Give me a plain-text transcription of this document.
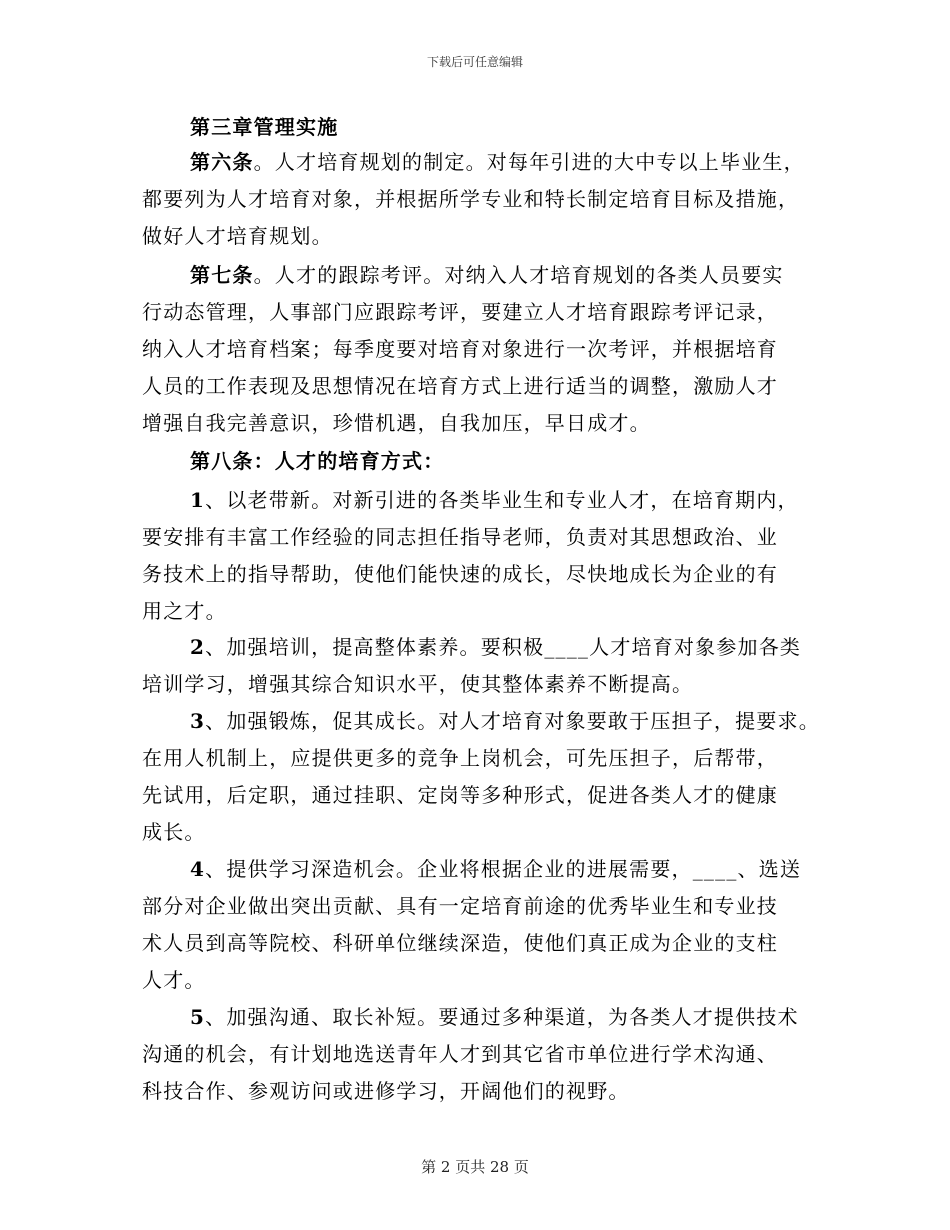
下载后可任意编辑
第三章管理实施
第六条。人才培育规划的制定。对每年引进的大中专以上毕业生，
都要列为人才培育对象，并根据所学专业和特长制定培育目标及措施，
做好人才培育规划。
第七条。人才的跟踪考评。对纳入人才培育规划的各类人员要实
行动态管理，人事部门应跟踪考评，要建立人才培育跟踪考评记录，
纳入人才培育档案；每季度要对培育对象进行一次考评，并根据培育
人员的工作表现及思想情况在培育方式上进行适当的调整，激励人才
增强自我完善意识，珍惜机遇，自我加压，早日成才。
第八条：人才的培育方式：
1、以老带新。对新引进的各类毕业生和专业人才，在培育期内，
要安排有丰富工作经验的同志担任指导老师，负责对其思想政治、业
务技术上的指导帮助，使他们能快速的成长，尽快地成长为企业的有
用之才。
2、加强培训，提高整体素养。要积极____人才培育对象参加各类
培训学习，增强其综合知识水平，使其整体素养不断提高。
3、加强锻炼，促其成长。对人才培育对象要敢于压担子，提要求。
在用人机制上，应提供更多的竞争上岗机会，可先压担子，后帮带，
先试用，后定职，通过挂职、定岗等多种形式，促进各类人才的健康
成长。
4、提供学习深造机会。企业将根据企业的进展需要，____、选送
部分对企业做出突出贡献、具有一定培育前途的优秀毕业生和专业技
术人员到高等院校、科研单位继续深造，使他们真正成为企业的支柱
人才。
5、加强沟通、取长补短。要通过多种渠道，为各类人才提供技术
沟通的机会，有计划地选送青年人才到其它省市单位进行学术沟通、
科技合作、参观访问或进修学习，开阔他们的视野。
第 2 页共 28 页
